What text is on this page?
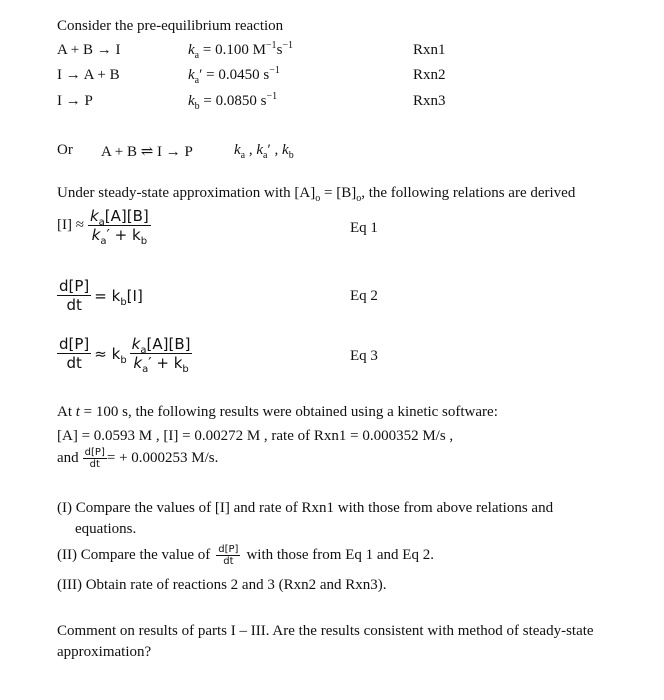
Consider the pre-equilibrium reaction
A + B → I	$k_a = 0.100$ $M^{-1}s^{-1}$	Rxn1
I → A + B	$k_a' = 0.0450$ $s^{-1}$	Rxn2
I → P	$k_b = 0.0850$ $s^{-1}$	Rxn3
Or A + B ⇌ I → P	$k_a$ , $k_a'$ , $k_b$
Under steady-state approximation with $[A]_o = [B]_o$, the following relations are derived
$[I] \approx \frac{k_a[A][B]}{k_a' + k_b}$	Eq 1
$\frac{d[P]}{dt} = k_b[I]$	Eq 2
$\frac{d[P]}{dt} \approx k_b \frac{k_a[A][B]}{k_a' + k_b}$	Eq 3
At t = 100 s, the following results were obtained using a kinetic software:
[A] = 0.0593 M , [I] = 0.00272 M , rate of Rxn1 = 0.000352 M/s ,
and $\frac{d[P]}{dt}$ = + 0.000253 M/s.
(I) Compare the values of [I] and rate of Rxn1 with those from above relations and
equations.
(II) Compare the value of $\frac{d[P]}{dt}$ with those from Eq 1 and Eq 2.
(III) Obtain rate of reactions 2 and 3 (Rxn2 and Rxn3).
Comment on results of parts I – III. Are the results consistent with method of steady-state
approximation?
